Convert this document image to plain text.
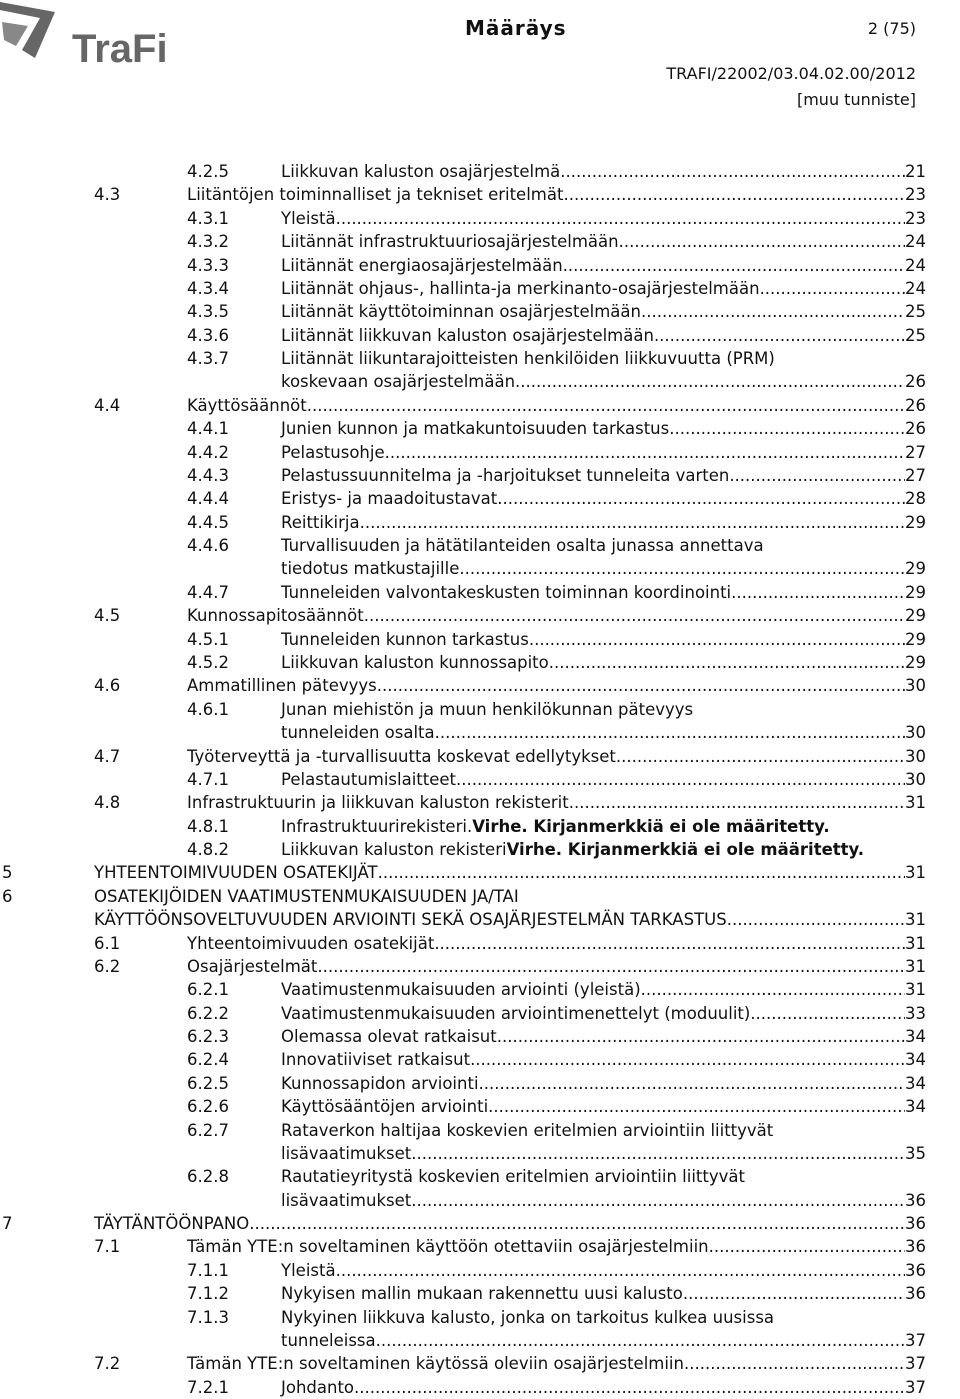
TraFi	Määräys	2 (75)
TRAFI/22002/03.04.02.00/2012
[muu tunniste]
4.2.5	Liikkuvan kaluston osajärjestelmä .....	21
4.3	Liitäntöjen toiminnalliset ja tekniset eritelmät .....	23
4.3.1	Yleistä .....	23
4.3.2	Liitännät infrastruktuuriosajärjestelmään .....	24
4.3.3	Liitännät energiaosajärjestelmään .....	24
4.3.4	Liitännät ohjaus-, hallinta-ja merkinanto-osajärjestelmään .....	24
4.3.5	Liitännät käyttötoiminnan osajärjestelmään .....	25
4.3.6	Liitännät liikkuvan kaluston osajärjestelmään .....	25
4.3.7	Liitännät liikuntarajoitteisten henkilöiden liikkuvuutta (PRM)
koskevaan osajärjestelmään .....	26
4.4	Käyttösäännöt .....	26
4.4.1	Junien kunnon ja matkakuntoisuuden tarkastus .....	26
4.4.2	Pelastusohje .....	27
4.4.3	Pelastussuunnitelma ja -harjoitukset tunneleita varten .....	27
4.4.4	Eristys- ja maadoitustavat .....	28
4.4.5	Reittikirja .....	29
4.4.6	Turvallisuuden ja hätätilanteiden osalta junassa annettava
tiedotus matkustajille .....	29
4.4.7	Tunneleiden valvontakeskusten toiminnan koordinointi .....	29
4.5	Kunnossapitosäännöt .....	29
4.5.1	Tunneleiden kunnon tarkastus .....	29
4.5.2	Liikkuvan kaluston kunnossapito .....	29
4.6	Ammatillinen pätevyys .....	30
4.6.1	Junan miehistön ja muun henkilökunnan pätevyys
tunneleiden osalta .....	30
4.7	Työterveyttä ja -turvallisuutta koskevat edellytykset .....	30
4.7.1	Pelastautumislaitteet .....	30
4.8	Infrastruktuurin ja liikkuvan kaluston rekisterit .....	31
4.8.1	Infrastruktuurirekisteri. Virhe. Kirjanmerkkiä ei ole määritetty.
4.8.2	Liikkuvan kaluston rekisteri Virhe. Kirjanmerkkiä ei ole määritetty.
5	YHTEENTOIMIVUUDEN OSATEKIJÄT .....	31
6	OSATEKIJÖIDEN VAATIMUSTENMUKAISUUDEN JA/TAI
KÄYTTÖÖNSOVELTUVUUDEN ARVIOINTI SEKÄ OSAJÄRJESTELMÄN TARKASTUS .....	31
6.1	Yhteentoimivuuden osatekijät .....	31
6.2	Osajärjestelmät .....	31
6.2.1	Vaatimustenmukaisuuden arviointi (yleistä) .....	31
6.2.2	Vaatimustenmukaisuuden arviointimenettelyt (moduulit) .....	33
6.2.3	Olemassa olevat ratkaisut .....	34
6.2.4	Innovatiiviset ratkaisut .....	34
6.2.5	Kunnossapidon arviointi .....	34
6.2.6	Käyttösääntöjen arviointi .....	34
6.2.7	Rataverkon haltijaa koskevien eritelmien arviointiin liittyvät
lisävaatimukset .....	35
6.2.8	Rautatieyritystä koskevien eritelmien arviointiin liittyvät
lisävaatimukset .....	36
7	TÄYTÄNTÖÖNPANO .....	36
7.1	Tämän YTE:n soveltaminen käyttöön otettaviin osajärjestelmiin .....	36
7.1.1	Yleistä .....	36
7.1.2	Nykyisen mallin mukaan rakennettu uusi kalusto .....	36
7.1.3	Nykyinen liikkuva kalusto, jonka on tarkoitus kulkea uusissa
tunneleissa .....	37
7.2	Tämän YTE:n soveltaminen käytössä oleviin osajärjestelmiin .....	37
7.2.1	Johdanto .....	37
